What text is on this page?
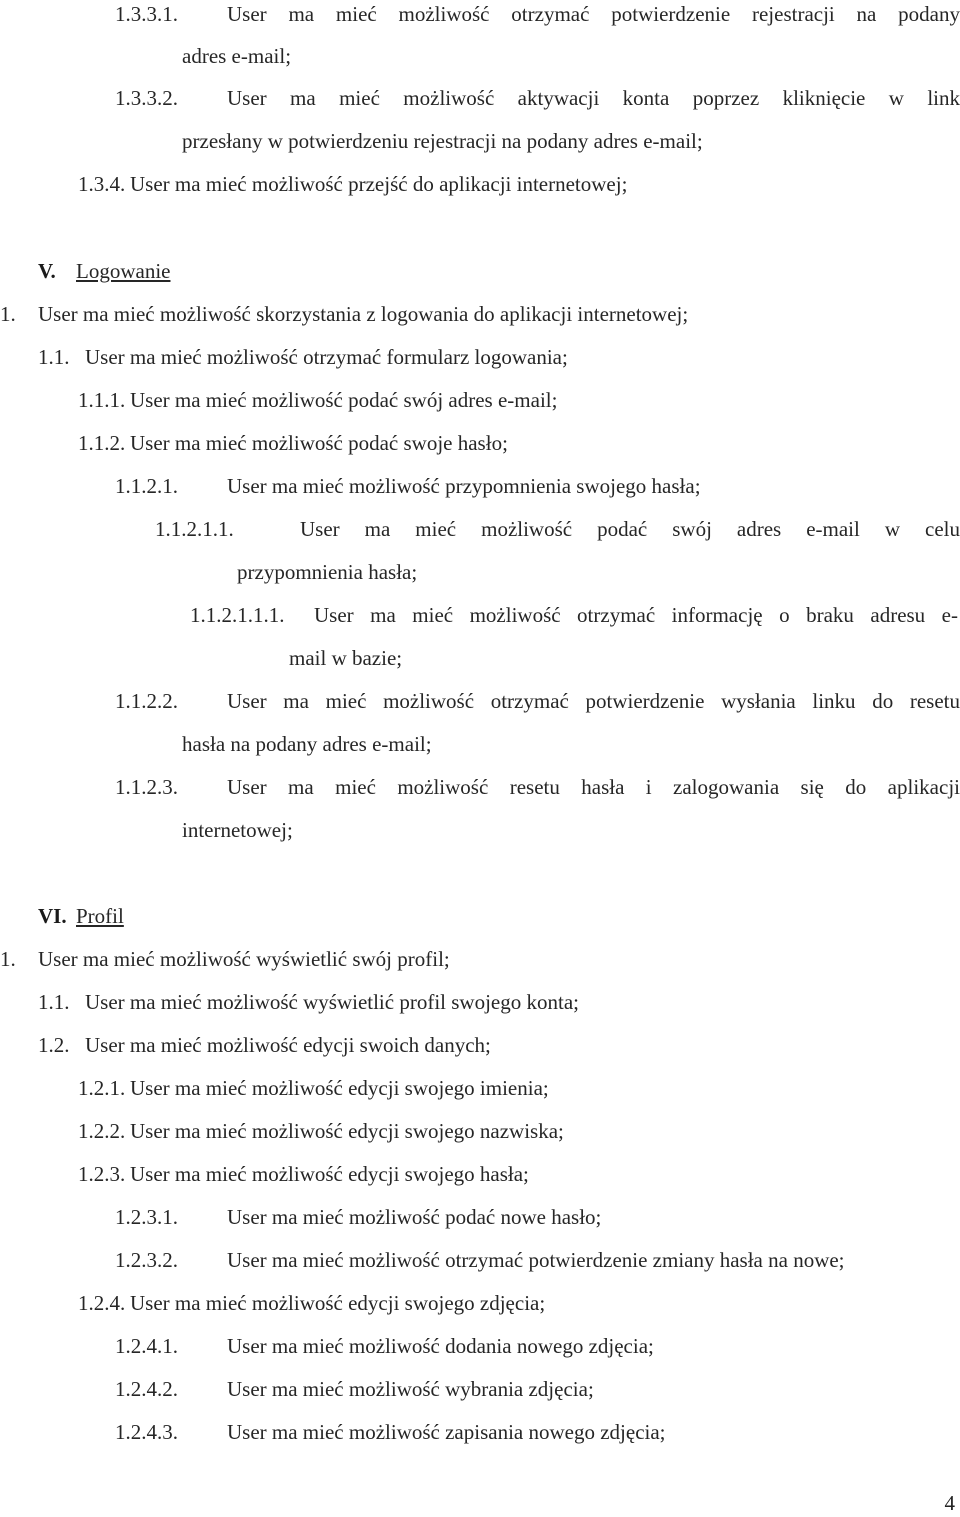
1.3.3.1. User ma mieć możliwość otrzymać potwierdzenie rejestracji na podany
adres e-mail;
1.3.3.2. User ma mieć możliwość aktywacji konta poprzez kliknięcie w link
przesłany w potwierdzeniu rejestracji na podany adres e-mail;
1.3.4. User ma mieć możliwość przejść do aplikacji internetowej;
V. Logowanie
1. User ma mieć możliwość skorzystania z logowania do aplikacji internetowej;
1.1. User ma mieć możliwość otrzymać formularz logowania;
1.1.1. User ma mieć możliwość podać swój adres e-mail;
1.1.2. User ma mieć możliwość podać swoje hasło;
1.1.2.1. User ma mieć możliwość przypomnienia swojego hasła;
1.1.2.1.1.	User ma mieć możliwość podać swój adres e-mail w celu
przypomnienia hasła;
1.1.2.1.1.1. User ma mieć możliwość otrzymać informację o braku adresu e-
mail w bazie;
1.1.2.2. User ma mieć możliwość otrzymać potwierdzenie wysłania linku do resetu
hasła na podany adres e-mail;
1.1.2.3. User ma mieć możliwość resetu hasła i zalogowania się do aplikacji
internetowej;
VI. Profil
1. User ma mieć możliwość wyświetlić swój profil;
1.1. User ma mieć możliwość wyświetlić profil swojego konta;
1.2. User ma mieć możliwość edycji swoich danych;
1.2.1. User ma mieć możliwość edycji swojego imienia;
1.2.2. User ma mieć możliwość edycji swojego nazwiska;
1.2.3. User ma mieć możliwość edycji swojego hasła;
1.2.3.1. User ma mieć możliwość podać nowe hasło;
1.2.3.2. User ma mieć możliwość otrzymać potwierdzenie zmiany hasła na nowe;
1.2.4. User ma mieć możliwość edycji swojego zdjęcia;
1.2.4.1. User ma mieć możliwość dodania nowego zdjęcia;
1.2.4.2. User ma mieć możliwość wybrania zdjęcia;
1.2.4.3. User ma mieć możliwość zapisania nowego zdjęcia;
4
